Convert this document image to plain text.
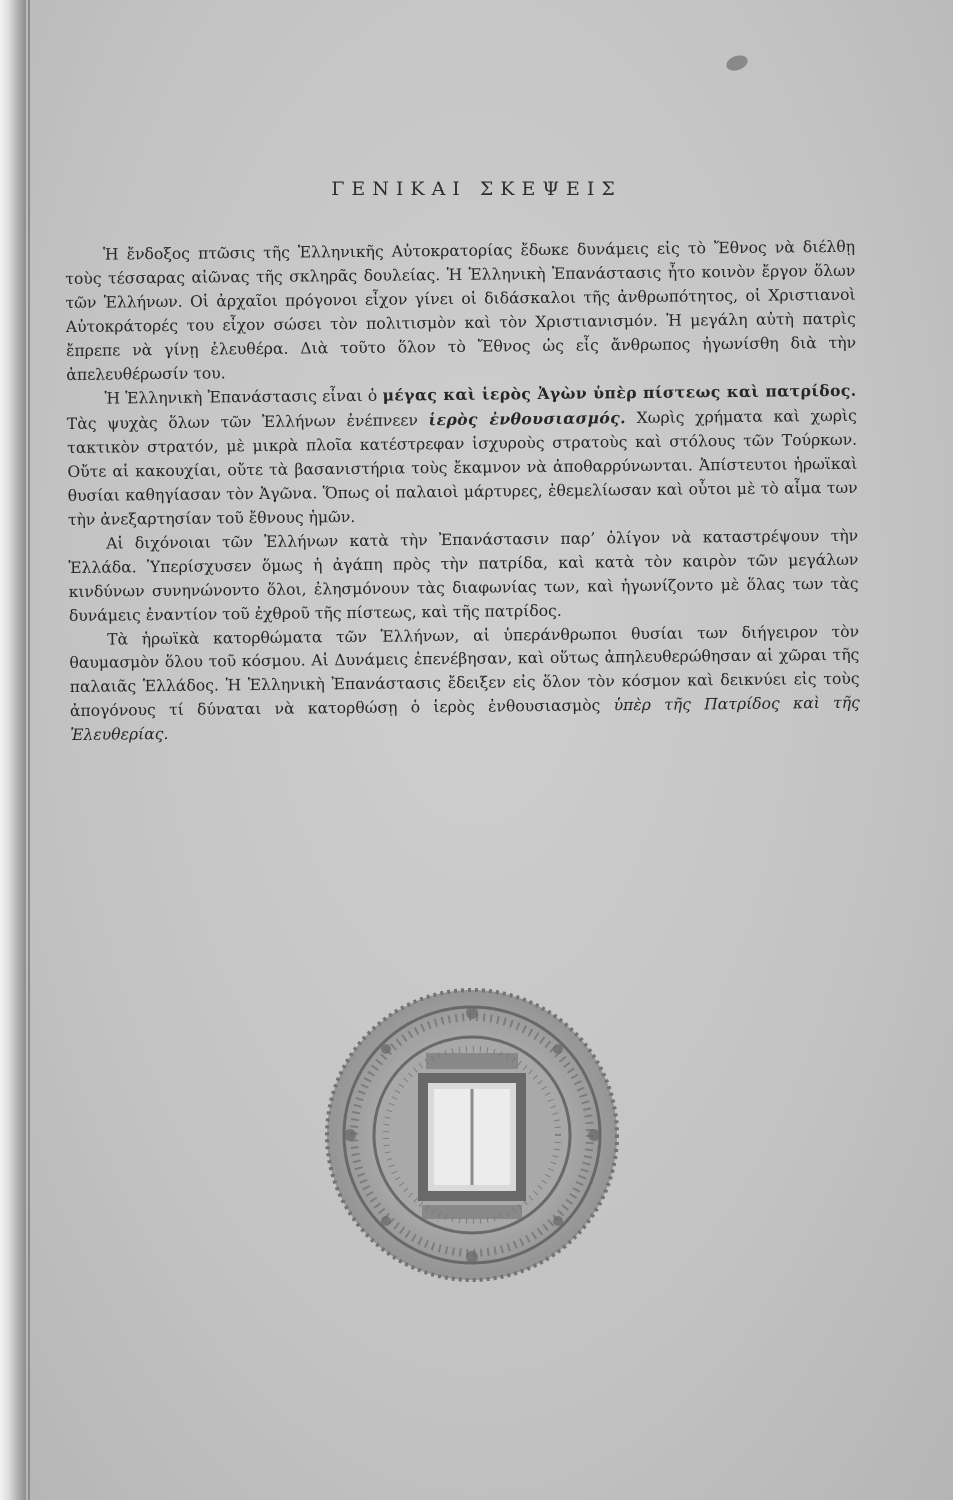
ΓΕΝΙΚΑΙ ΣΚΕΨΕΙΣ

Ἡ ἔνδοξος πτῶσις τῆς Ἑλληνικῆς Αὐτοκρατορίας ἔδωκε δυνάμεις εἰς τὸ Ἔθνος νὰ διέλθῃ τοὺς τέσσαρας αἰῶνας τῆς σκληρᾶς δουλείας. Ἡ Ἑλληνικὴ Ἐπανάστασις ἦτο κοινὸν ἔργον ὅλων τῶν Ἑλλήνων. Οἱ ἀρχαῖοι πρόγονοι εἶχον γίνει οἱ διδάσκαλοι τῆς ἀνθρωπότητος, οἱ Χριστιανοὶ Αὐτοκράτορές του εἶχον σώσει τὸν πολιτισμὸν καὶ τὸν Χριστιανισμόν. Ἡ μεγάλη αὐτὴ πατρὶς ἔπρεπε νὰ γίνῃ ἐλευθέρα. Διὰ τοῦτο ὅλον τὸ Ἔθνος ὡς εἷς ἄνθρωπος ἠγωνίσθη διὰ τὴν ἀπελευθέρωσίν του.

Ἡ Ἑλληνικὴ Ἐπανάστασις εἶναι ὁ μέγας καὶ ἱερὸς Ἀγὼν ὑπὲρ πίστεως καὶ πατρίδος. Τὰς ψυχὰς ὅλων τῶν Ἑλλήνων ἐνέπνεεν ἱερὸς ἐνθουσιασμός. Χωρὶς χρήματα καὶ χωρὶς τακτικὸν στρατόν, μὲ μικρὰ πλοῖα κατέστρεφαν ἰσχυροὺς στρατοὺς καὶ στόλους τῶν Τούρκων. Οὔτε αἱ κακουχίαι, οὔτε τὰ βασανιστήρια τοὺς ἔκαμνον νὰ ἀποθαρρύνωνται. Ἀπίστευτοι ἡρωϊκαὶ θυσίαι καθηγίασαν τὸν Ἀγῶνα. Ὅπως οἱ παλαιοὶ μάρτυρες, ἐθεμελίωσαν καὶ οὗτοι μὲ τὸ αἷμα των τὴν ἀνεξαρτησίαν τοῦ ἔθνους ἡμῶν.

Αἱ διχόνοιαι τῶν Ἑλλήνων κατὰ τὴν Ἐπανάστασιν παρ’ ὀλίγον νὰ καταστρέψουν τὴν Ἑλλάδα. Ὑπερίσχυσεν ὅμως ἡ ἀγάπη πρὸς τὴν πατρίδα, καὶ κατὰ τὸν καιρὸν τῶν μεγάλων κινδύνων συνηνώνοντο ὅλοι, ἐλησμόνουν τὰς διαφωνίας των, καὶ ἠγωνίζοντο μὲ ὅλας των τὰς δυνάμεις ἐναντίον τοῦ ἐχθροῦ τῆς πίστεως, καὶ τῆς πατρίδος.

Τὰ ἡρωϊκὰ κατορθώματα τῶν Ἑλλήνων, αἱ ὑπεράνθρωποι θυσίαι των διήγειρον τὸν θαυμασμὸν ὅλου τοῦ κόσμου. Αἱ Δυνάμεις ἐπενέβησαν, καὶ οὕτως ἀπηλευθερώθησαν αἱ χῶραι τῆς παλαιᾶς Ἑλλάδος. Ἡ Ἑλληνικὴ Ἐπανάστασις ἔδειξεν εἰς ὅλον τὸν κόσμον καὶ δεικνύει εἰς τοὺς ἀπογόνους τί δύναται νὰ κατορθώσῃ ὁ ἱερὸς ἐνθουσιασμὸς ὑπὲρ τῆς Πατρίδος καὶ τῆς Ἐλευθερίας.
